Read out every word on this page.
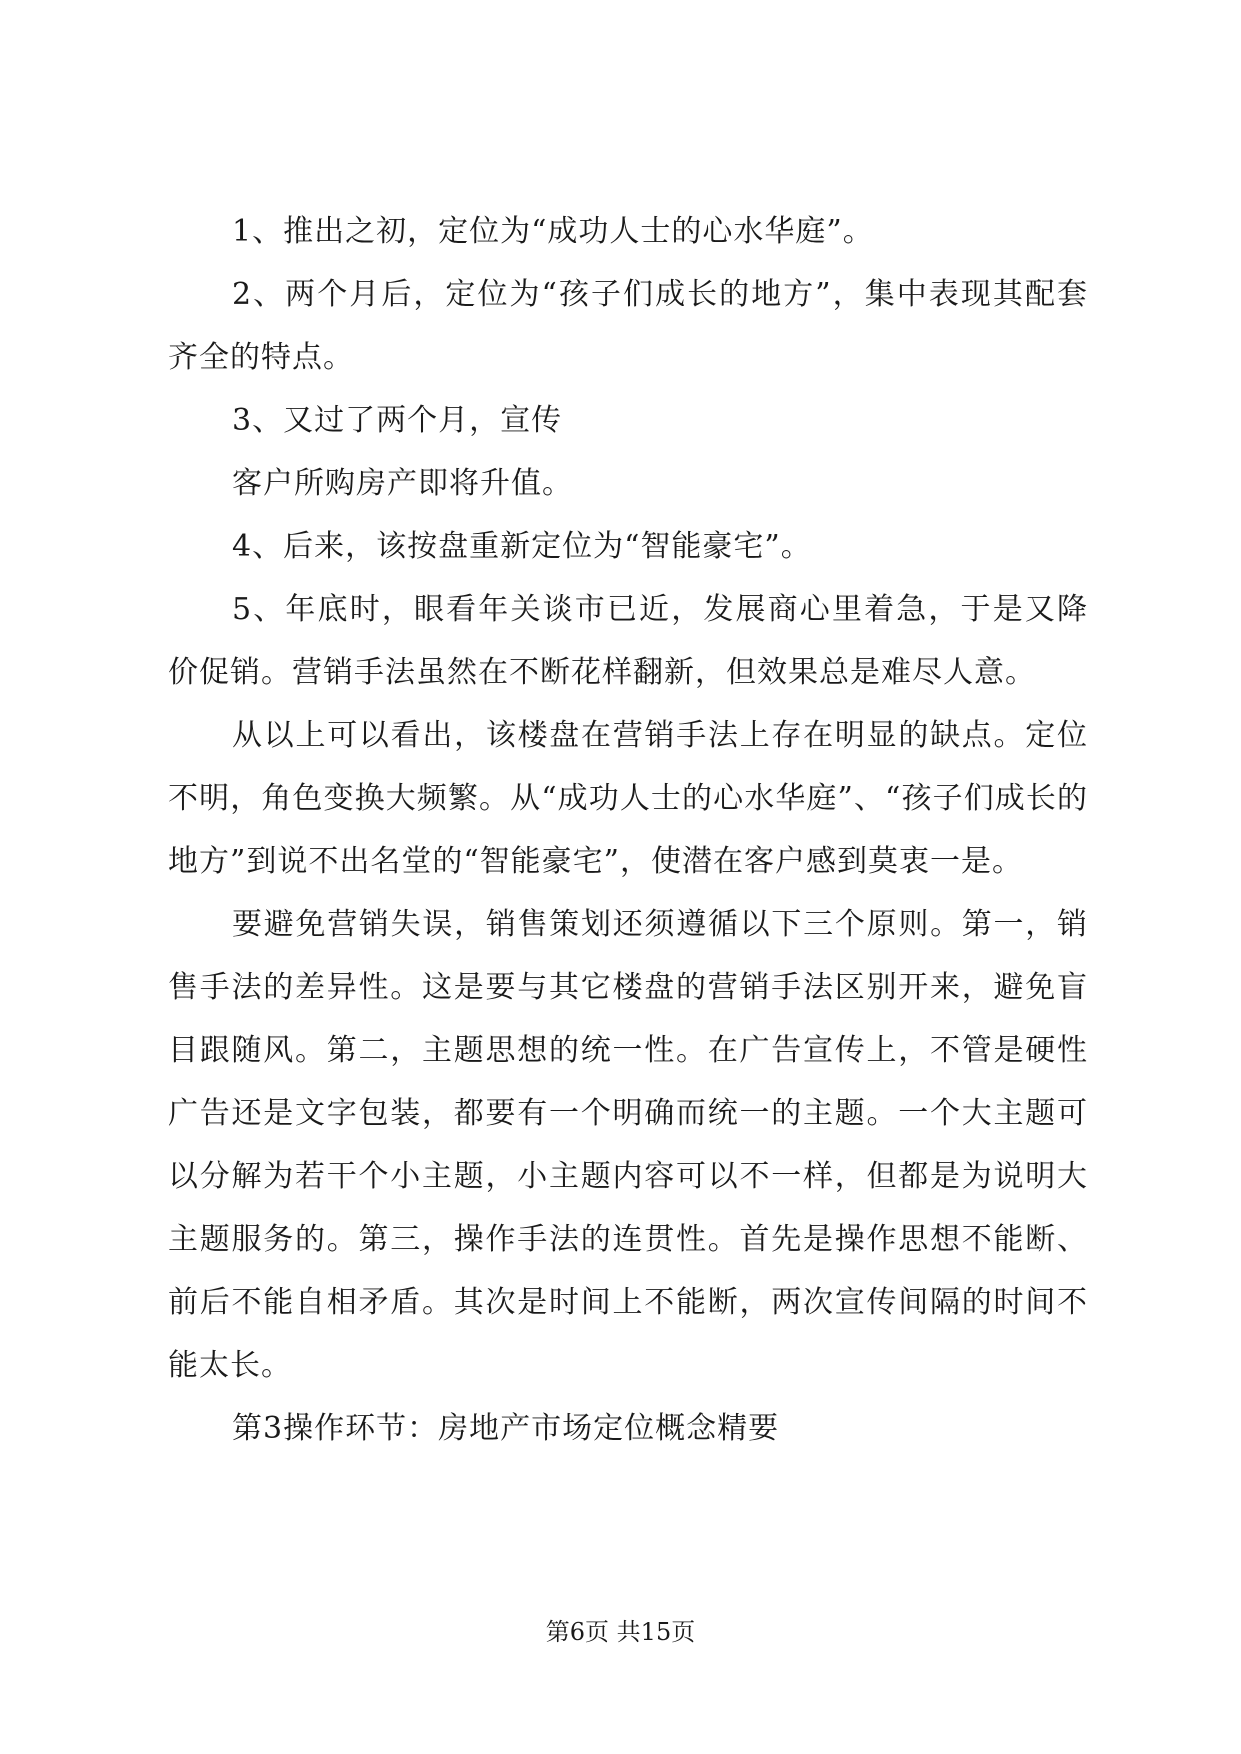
1、推出之初，定位为“成功人士的心水华庭”。

2、两个月后，定位为“孩子们成长的地方”，集中表现其配套齐全的特点。

3、又过了两个月，宣传

客户所购房产即将升值。

4、后来，该按盘重新定位为“智能豪宅”。

5、年底时，眼看年关谈市已近，发展商心里着急，于是又降价促销。营销手法虽然在不断花样翻新，但效果总是难尽人意。

从以上可以看出，该楼盘在营销手法上存在明显的缺点。定位不明，角色变换大频繁。从“成功人士的心水华庭”、“孩子们成长的地方”到说不出名堂的“智能豪宅”，使潜在客户感到莫衷一是。

要避免营销失误，销售策划还须遵循以下三个原则。第一，销售手法的差异性。这是要与其它楼盘的营销手法区别开来，避免盲目跟随风。第二，主题思想的统一性。在广告宣传上，不管是硬性广告还是文字包装，都要有一个明确而统一的主题。一个大主题可以分解为若干个小主题，小主题内容可以不一样，但都是为说明大主题服务的。第三，操作手法的连贯性。首先是操作思想不能断、前后不能自相矛盾。其次是时间上不能断，两次宣传间隔的时间不能太长。

第3操作环节：房地产市场定位概念精要

第6页 共15页
